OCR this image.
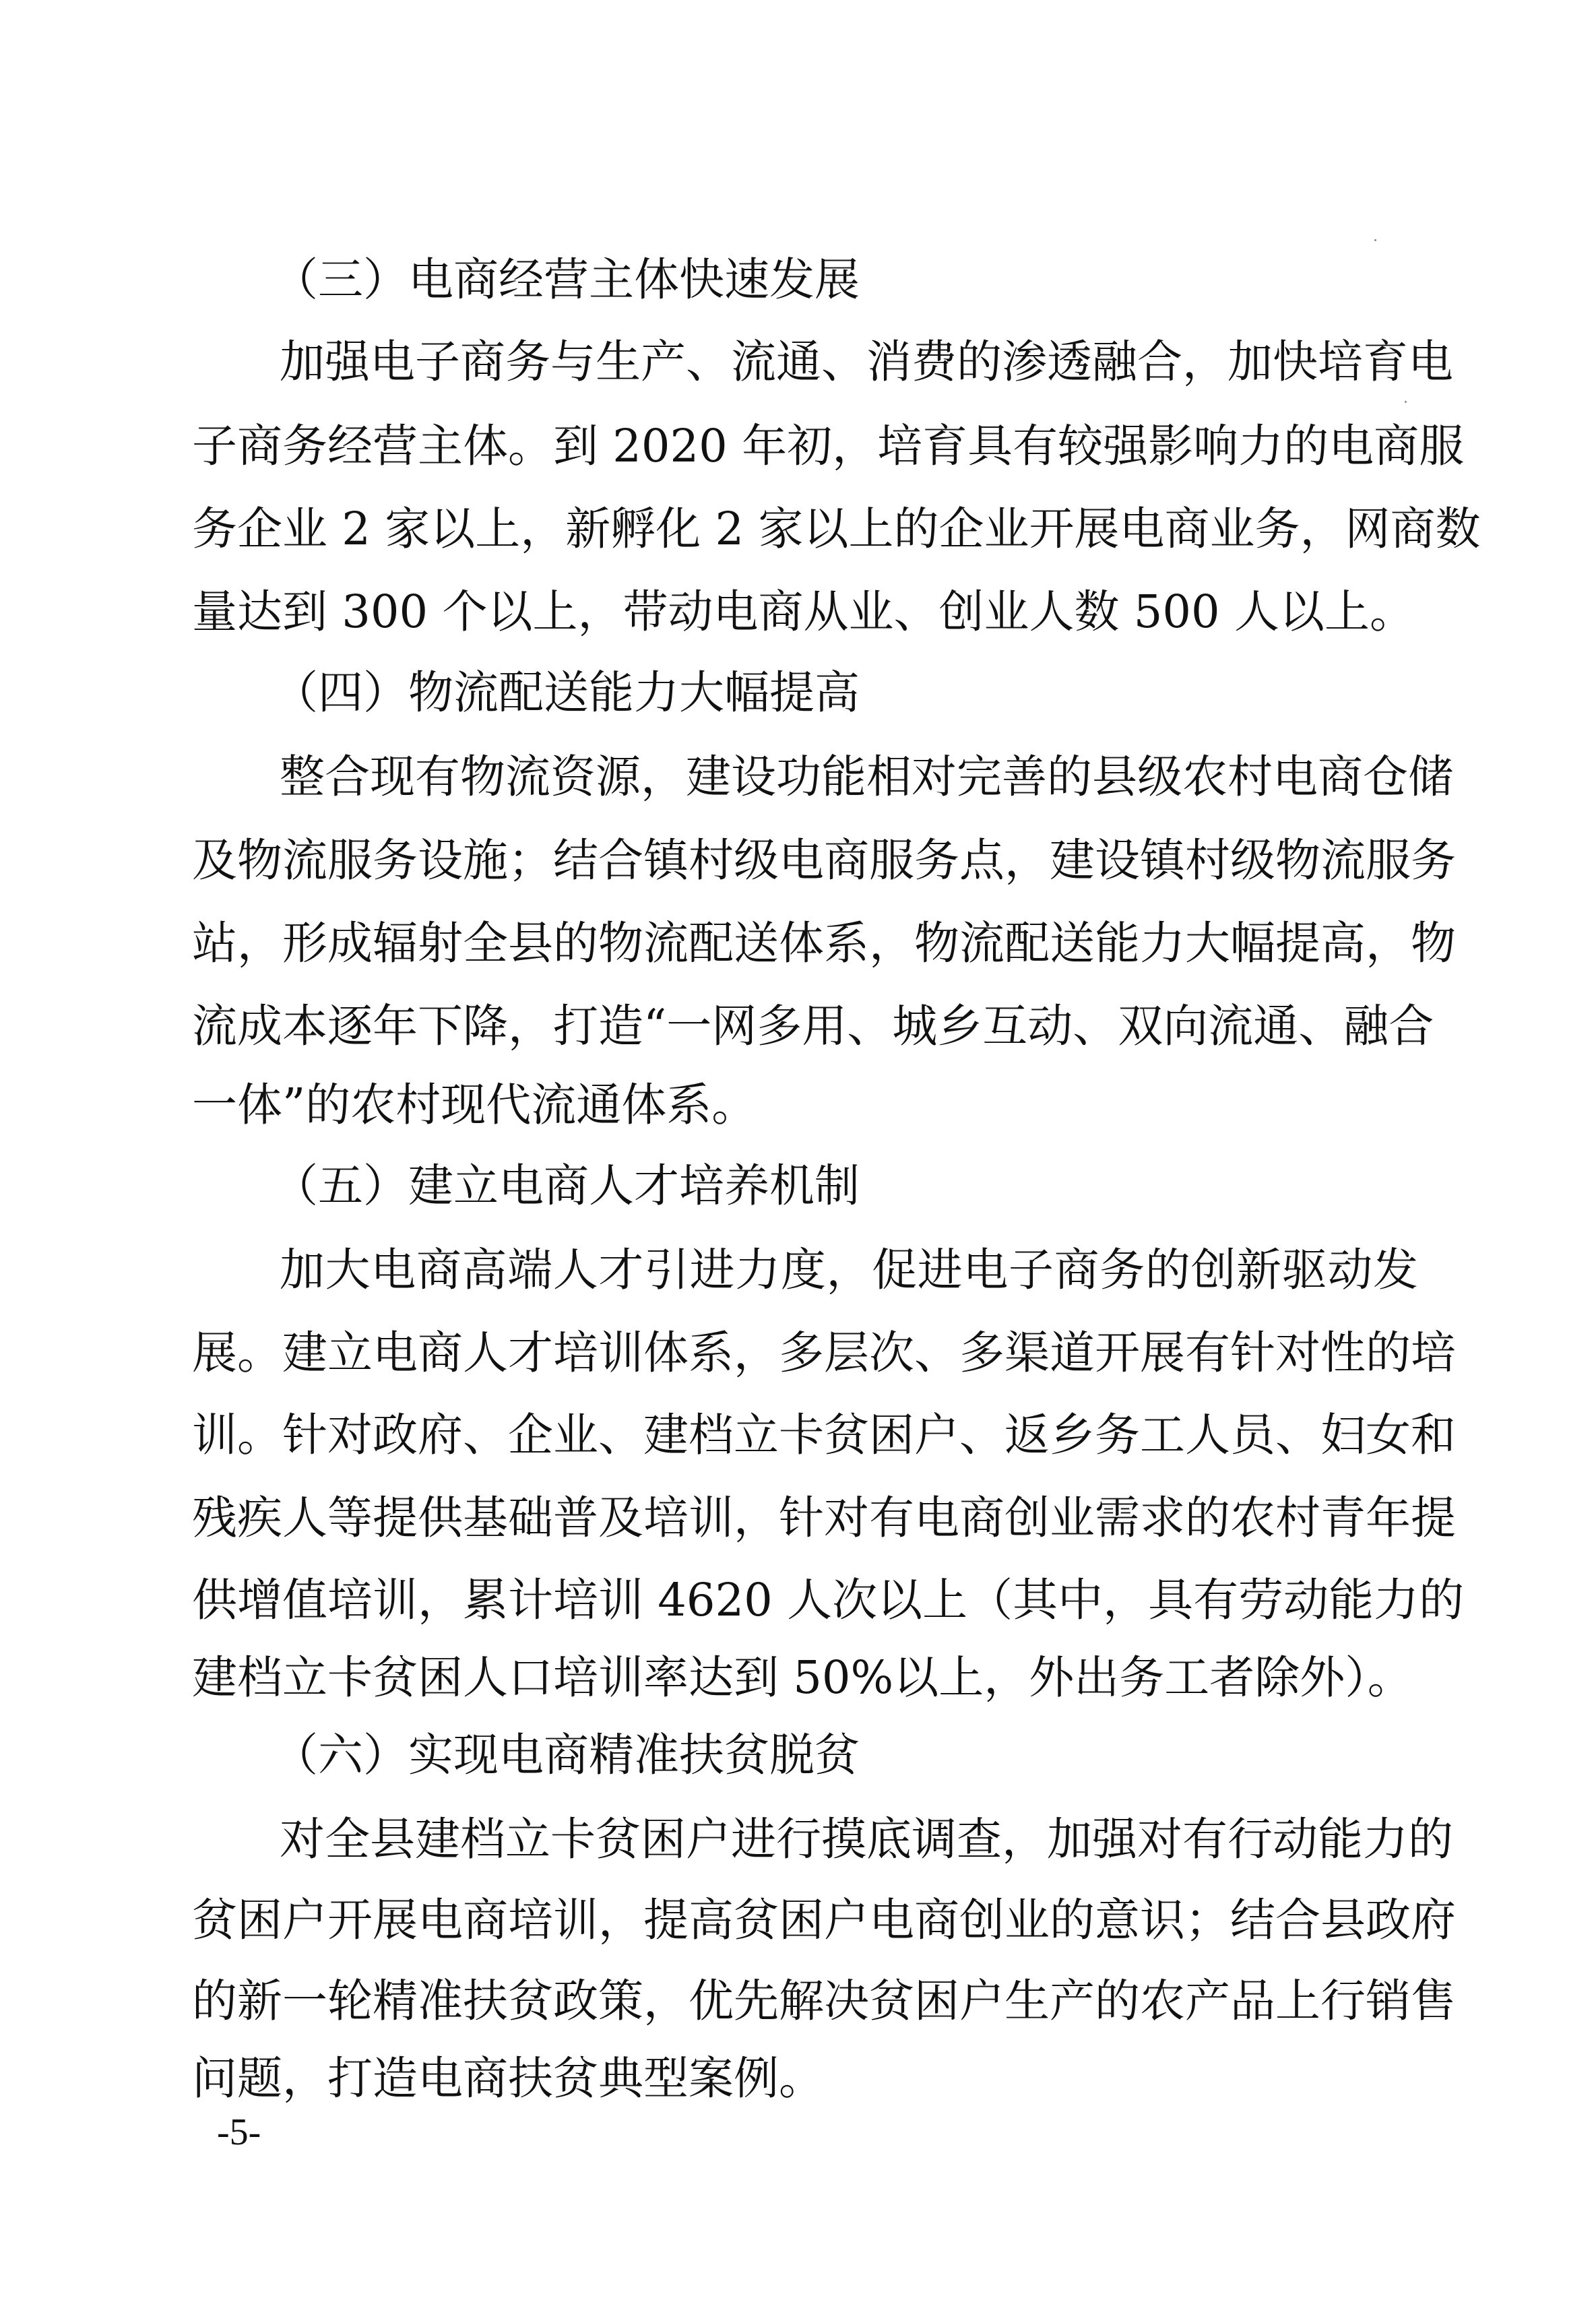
（三）电商经营主体快速发展
加强电子商务与生产、流通、消费的渗透融合，加快培育电
子商务经营主体。到 2020 年初，培育具有较强影响力的电商服
务企业 2 家以上，新孵化 2 家以上的企业开展电商业务，网商数
量达到 300 个以上，带动电商从业、创业人数 500 人以上。
（四）物流配送能力大幅提高
整合现有物流资源，建设功能相对完善的县级农村电商仓储
及物流服务设施；结合镇村级电商服务点，建设镇村级物流服务
站，形成辐射全县的物流配送体系，物流配送能力大幅提高，物
流成本逐年下降，打造“一网多用、城乡互动、双向流通、融合
一体”的农村现代流通体系。
（五）建立电商人才培养机制
加大电商高端人才引进力度，促进电子商务的创新驱动发
展。建立电商人才培训体系，多层次、多渠道开展有针对性的培
训。针对政府、企业、建档立卡贫困户、返乡务工人员、妇女和
残疾人等提供基础普及培训，针对有电商创业需求的农村青年提
供增值培训，累计培训 4620 人次以上（其中，具有劳动能力的
建档立卡贫困人口培训率达到 50%以上，外出务工者除外）。
（六）实现电商精准扶贫脱贫
对全县建档立卡贫困户进行摸底调查，加强对有行动能力的
贫困户开展电商培训，提高贫困户电商创业的意识；结合县政府
的新一轮精准扶贫政策，优先解决贫困户生产的农产品上行销售
问题，打造电商扶贫典型案例。
-5-
